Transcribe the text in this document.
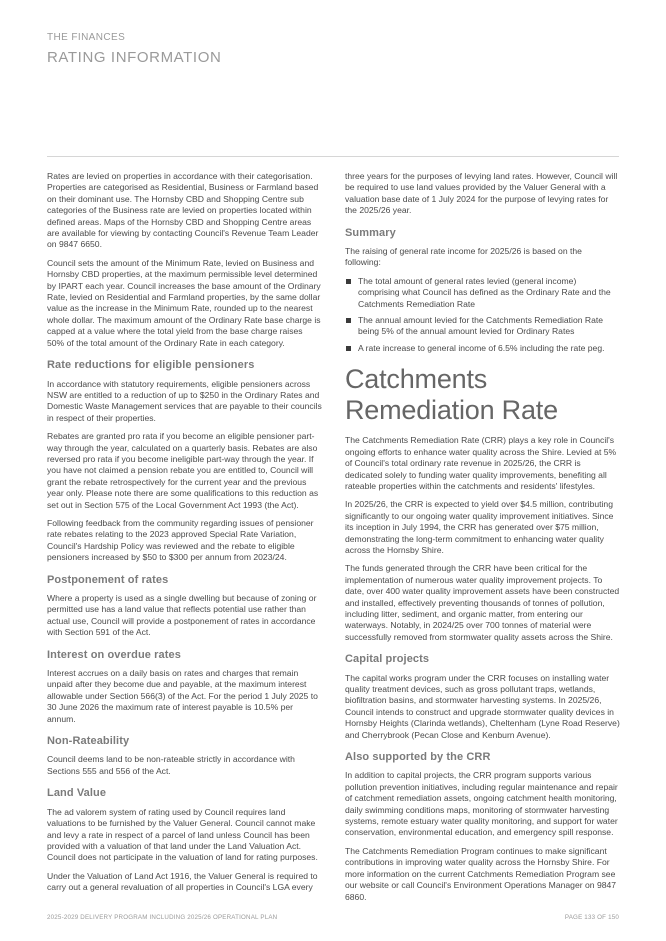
THE FINANCES
RATING INFORMATION

Rates are levied on properties in accordance with their categorisation. Properties are categorised as Residential, Business or Farmland based on their dominant use. The Hornsby CBD and Shopping Centre sub categories of the Business rate are levied on properties located within defined areas. Maps of the Hornsby CBD and Shopping Centre areas are available for viewing by contacting Council's Revenue Team Leader on 9847 6650.

Council sets the amount of the Minimum Rate, levied on Business and Hornsby CBD properties, at the maximum permissible level determined by IPART each year. Council increases the base amount of the Ordinary Rate, levied on Residential and Farmland properties, by the same dollar value as the increase in the Minimum Rate, rounded up to the nearest whole dollar. The maximum amount of the Ordinary Rate base charge is capped at a value where the total yield from the base charge raises 50% of the total amount of the Ordinary Rate in each category.

Rate reductions for eligible pensioners

In accordance with statutory requirements, eligible pensioners across NSW are entitled to a reduction of up to $250 in the Ordinary Rates and Domestic Waste Management services that are payable to their councils in respect of their properties.

Rebates are granted pro rata if you become an eligible pensioner part-way through the year, calculated on a quarterly basis. Rebates are also reversed pro rata if you become ineligible part-way through the year. If you have not claimed a pension rebate you are entitled to, Council will grant the rebate retrospectively for the current year and the previous year only. Please note there are some qualifications to this reduction as set out in Section 575 of the Local Government Act 1993 (the Act).

Following feedback from the community regarding issues of pensioner rate rebates relating to the 2023 approved Special Rate Variation, Council's Hardship Policy was reviewed and the rebate to eligible pensioners increased by $50 to $300 per annum from 2023/24.

Postponement of rates

Where a property is used as a single dwelling but because of zoning or permitted use has a land value that reflects potential use rather than actual use, Council will provide a postponement of rates in accordance with Section 591 of the Act.

Interest on overdue rates

Interest accrues on a daily basis on rates and charges that remain unpaid after they become due and payable, at the maximum interest allowable under Section 566(3) of the Act. For the period 1 July 2025 to 30 June 2026 the maximum rate of interest payable is 10.5% per annum.

Non-Rateability

Council deems land to be non-rateable strictly in accordance with Sections 555 and 556 of the Act.

Land Value

The ad valorem system of rating used by Council requires land valuations to be furnished by the Valuer General. Council cannot make and levy a rate in respect of a parcel of land unless Council has been provided with a valuation of that land under the Land Valuation Act. Council does not participate in the valuation of land for rating purposes.

Under the Valuation of Land Act 1916, the Valuer General is required to carry out a general revaluation of all properties in Council's LGA every

three years for the purposes of levying land rates. However, Council will be required to use land values provided by the Valuer General with a valuation base date of 1 July 2024 for the purpose of levying rates for the 2025/26 year.

Summary

The raising of general rate income for 2025/26 is based on the following:

The total amount of general rates levied (general income) comprising what Council has defined as the Ordinary Rate and the Catchments Remediation Rate
The annual amount levied for the Catchments Remediation Rate being 5% of the annual amount levied for Ordinary Rates
A rate increase to general income of 6.5% including the rate peg.
Catchments Remediation Rate

The Catchments Remediation Rate (CRR) plays a key role in Council's ongoing efforts to enhance water quality across the Shire. Levied at 5% of Council's total ordinary rate revenue in 2025/26, the CRR is dedicated solely to funding water quality improvements, benefiting all rateable properties within the catchments and residents' lifestyles.

In 2025/26, the CRR is expected to yield over $4.5 million, contributing significantly to our ongoing water quality improvement initiatives. Since its inception in July 1994, the CRR has generated over $75 million, demonstrating the long-term commitment to enhancing water quality across the Hornsby Shire.

The funds generated through the CRR have been critical for the implementation of numerous water quality improvement projects. To date, over 400 water quality improvement assets have been constructed and installed, effectively preventing thousands of tonnes of pollution, including litter, sediment, and organic matter, from entering our waterways. Notably, in 2024/25 over 700 tonnes of material were successfully removed from stormwater quality assets across the Shire.

Capital projects

The capital works program under the CRR focuses on installing water quality treatment devices, such as gross pollutant traps, wetlands, biofiltration basins, and stormwater harvesting systems. In 2025/26, Council intends to construct and upgrade stormwater quality devices in Hornsby Heights (Clarinda wetlands), Cheltenham (Lyne Road Reserve) and Cherrybrook (Pecan Close and Kenburn Avenue).

Also supported by the CRR

In addition to capital projects, the CRR program supports various pollution prevention initiatives, including regular maintenance and repair of catchment remediation assets, ongoing catchment health monitoring, daily swimming conditions maps, monitoring of stormwater harvesting systems, remote estuary water quality monitoring, and support for water conservation, environmental education, and emergency spill response.

The Catchments Remediation Program continues to make significant contributions in improving water quality across the Hornsby Shire. For more information on the current Catchments Remediation Program see our website or call Council's Environment Operations Manager on 9847 6860.

2025-2029 DELIVERY PROGRAM INCLUDING 2025/26 OPERATIONAL PLAN	PAGE 133 OF 150
